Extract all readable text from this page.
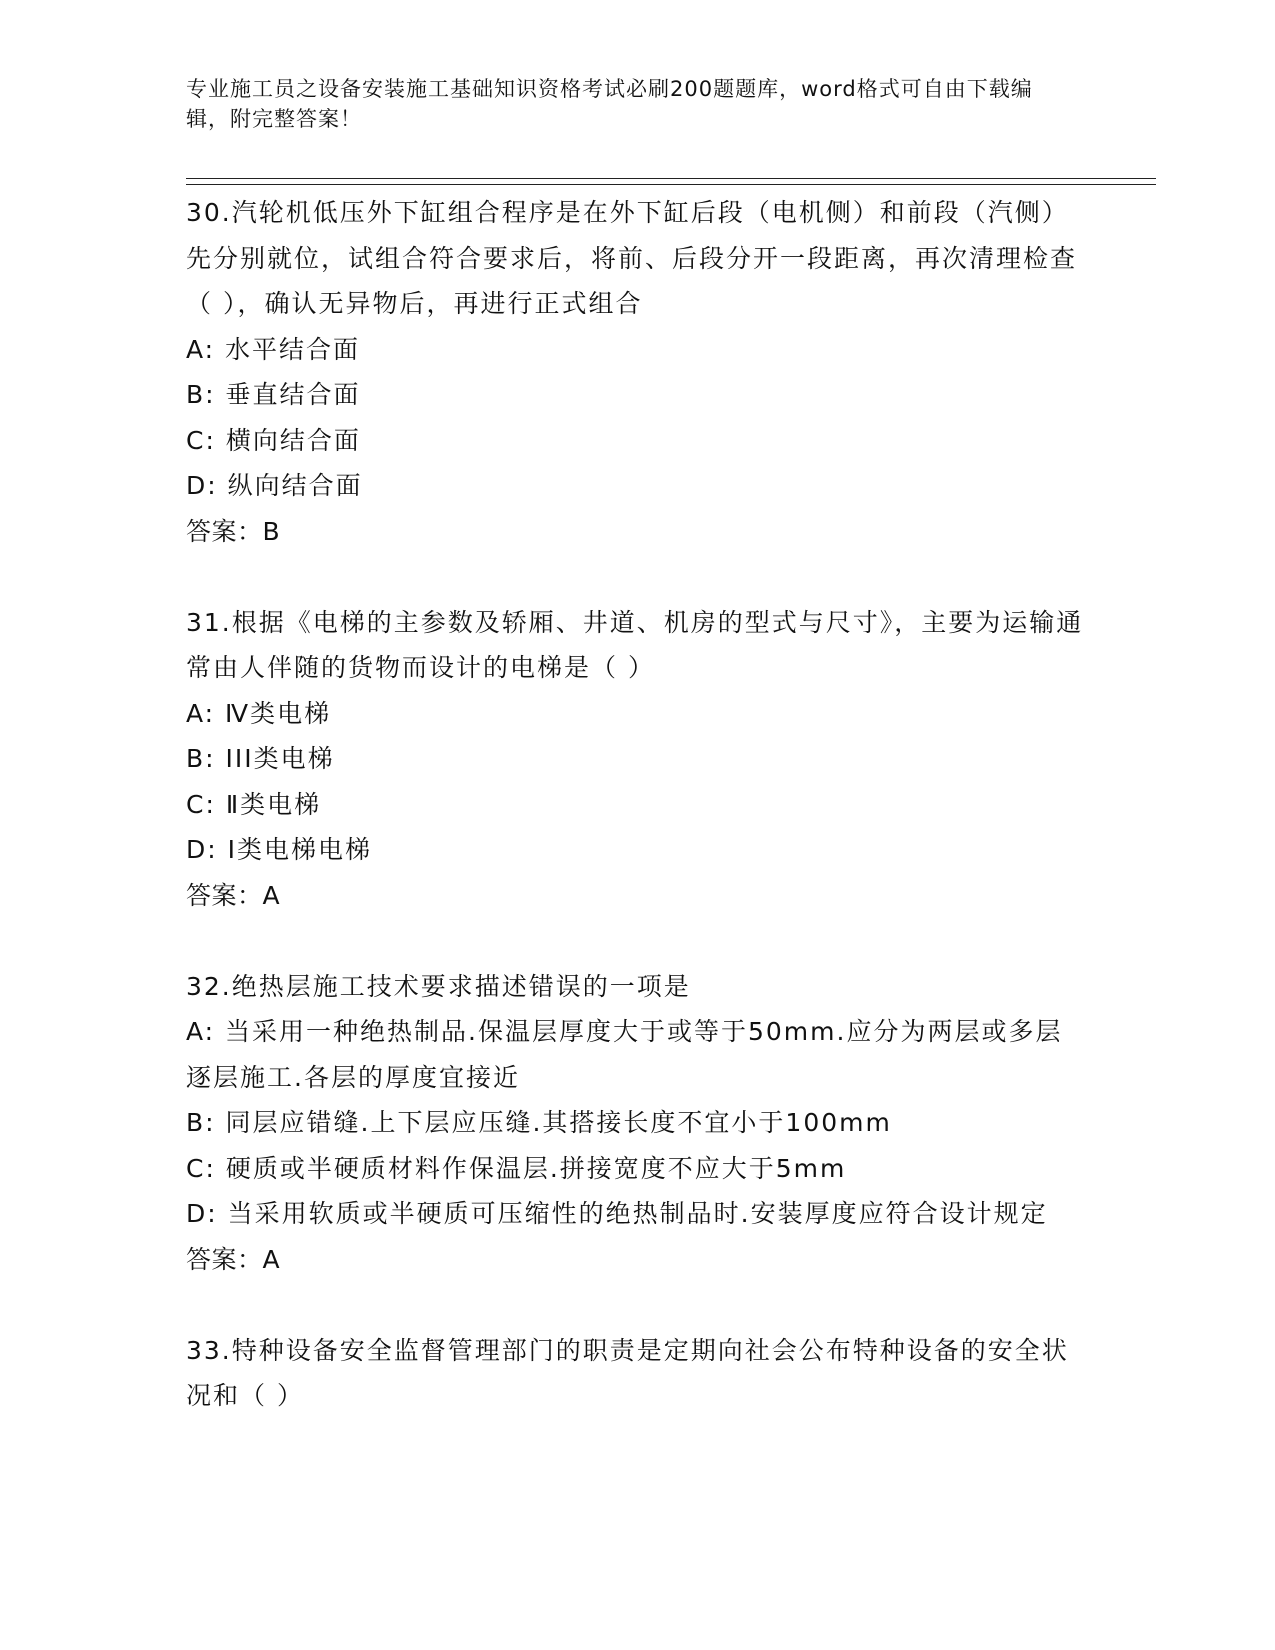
专业施工员之设备安装施工基础知识资格考试必刷200题题库，word格式可自由下载编辑，附完整答案！
30.汽轮机低压外下缸组合程序是在外下缸后段（电机侧）和前段（汽侧）先分别就位，试组合符合要求后，将前、后段分开一段距离，再次清理检查（ ），确认无异物后，再进行正式组合
A: 水平结合面
B: 垂直结合面
C: 横向结合面
D: 纵向结合面
答案：B
31.根据《电梯的主参数及轿厢、井道、机房的型式与尺寸》，主要为运输通常由人伴随的货物而设计的电梯是（ ）
A: Ⅳ类电梯
B: III类电梯
C: Ⅱ类电梯
D: Ⅰ类电梯电梯
答案：A
32.绝热层施工技术要求描述错误的一项是
A: 当采用一种绝热制品.保温层厚度大于或等于50mm.应分为两层或多层逐层施工.各层的厚度宜接近
B: 同层应错缝.上下层应压缝.其搭接长度不宜小于100mm
C: 硬质或半硬质材料作保温层.拼接宽度不应大于5mm
D: 当采用软质或半硬质可压缩性的绝热制品时.安装厚度应符合设计规定
答案：A
33.特种设备安全监督管理部门的职责是定期向社会公布特种设备的安全状况和（ ）
